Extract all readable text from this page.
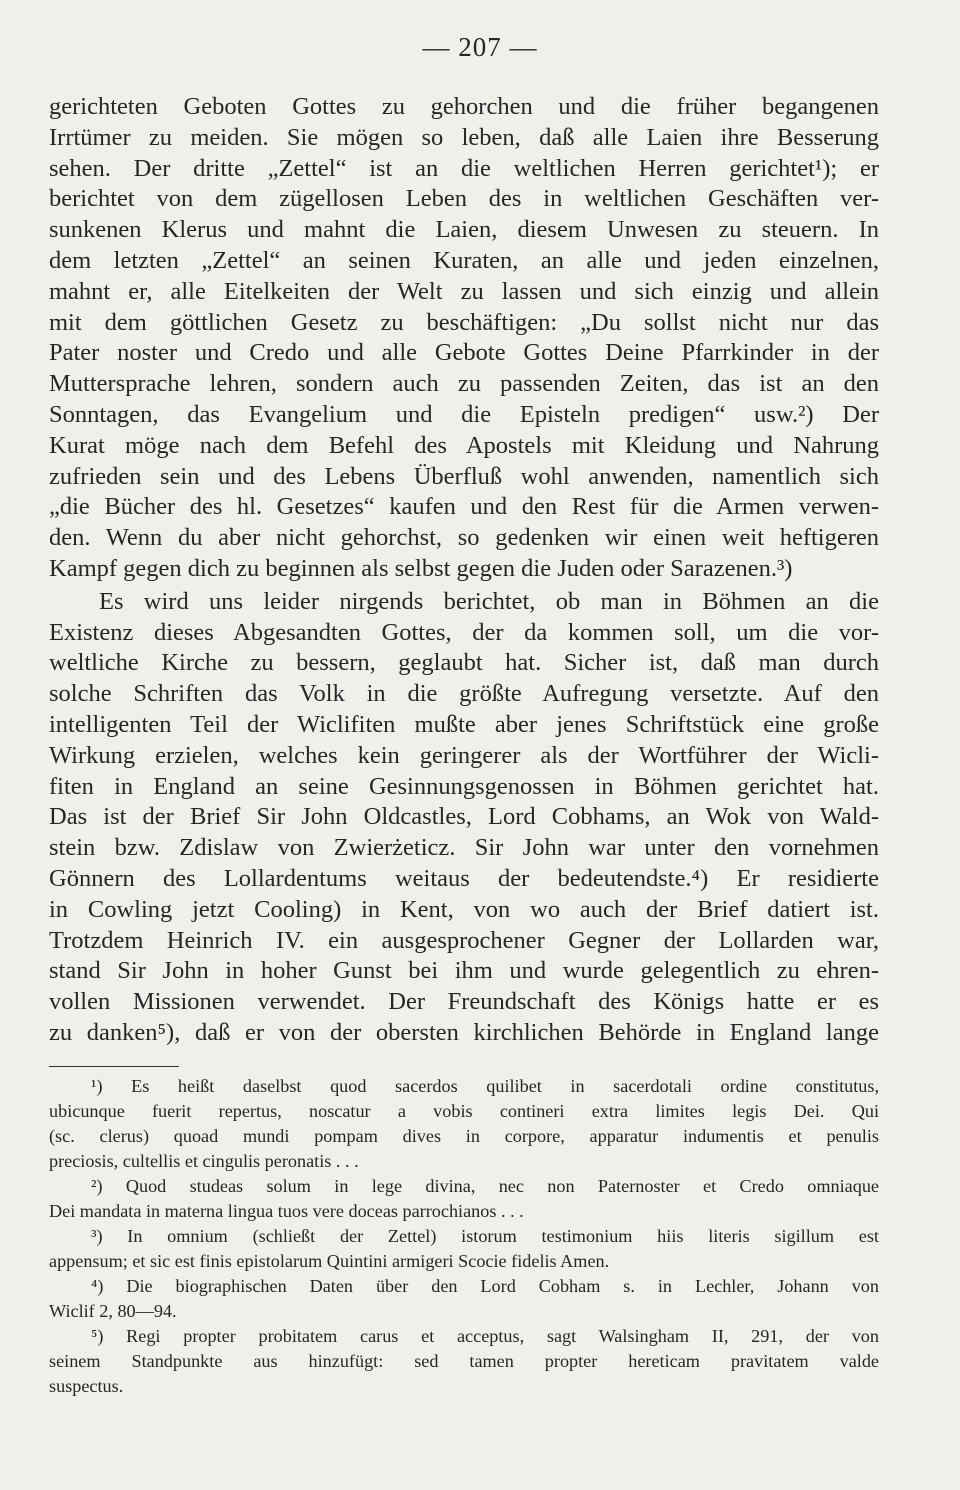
— 207 —
gerichteten Geboten Gottes zu gehorchen und die früher begangenen
Irrtümer zu meiden. Sie mögen so leben, daß alle Laien ihre Besserung
sehen. Der dritte „Zettel“ ist an die weltlichen Herren gerichtet¹); er
berichtet von dem zügellosen Leben des in weltlichen Geschäften ver-
sunkenen Klerus und mahnt die Laien, diesem Unwesen zu steuern. In
dem letzten „Zettel“ an seinen Kuraten, an alle und jeden einzelnen,
mahnt er, alle Eitelkeiten der Welt zu lassen und sich einzig und allein
mit dem göttlichen Gesetz zu beschäftigen: „Du sollst nicht nur das
Pater noster und Credo und alle Gebote Gottes Deine Pfarrkinder in der
Muttersprache lehren, sondern auch zu passenden Zeiten, das ist an den
Sonntagen, das Evangelium und die Episteln predigen“ usw.²) Der
Kurat möge nach dem Befehl des Apostels mit Kleidung und Nahrung
zufrieden sein und des Lebens Überfluß wohl anwenden, namentlich sich
„die Bücher des hl. Gesetzes“ kaufen und den Rest für die Armen verwen-
den. Wenn du aber nicht gehorchst, so gedenken wir einen weit heftigeren
Kampf gegen dich zu beginnen als selbst gegen die Juden oder Sarazenen.³)
Es wird uns leider nirgends berichtet, ob man in Böhmen an die
Existenz dieses Abgesandten Gottes, der da kommen soll, um die vor-
weltliche Kirche zu bessern, geglaubt hat. Sicher ist, daß man durch
solche Schriften das Volk in die größte Aufregung versetzte. Auf den
intelligenten Teil der Wiclifiten mußte aber jenes Schriftstück eine große
Wirkung erzielen, welches kein geringerer als der Wortführer der Wicli-
fiten in England an seine Gesinnungsgenossen in Böhmen gerichtet hat.
Das ist der Brief Sir John Oldcastles, Lord Cobhams, an Wok von Wald-
stein bzw. Zdislaw von Zwierżeticz. Sir John war unter den vornehmen
Gönnern des Lollardentums weitaus der bedeutendste.⁴) Er residierte
in Cowling jetzt Cooling) in Kent, von wo auch der Brief datiert ist.
Trotzdem Heinrich IV. ein ausgesprochener Gegner der Lollarden war,
stand Sir John in hoher Gunst bei ihm und wurde gelegentlich zu ehren-
vollen Missionen verwendet. Der Freundschaft des Königs hatte er es
zu danken⁵), daß er von der obersten kirchlichen Behörde in England lange
¹) Es heißt daselbst quod sacerdos quilibet in sacerdotali ordine constitutus,
ubicunque fuerit repertus, noscatur a vobis contineri extra limites legis Dei. Qui
(sc. clerus) quoad mundi pompam dives in corpore, apparatur indumentis et penulis
preciosis, cultellis et cingulis peronatis . . .
²) Quod studeas solum in lege divina, nec non Paternoster et Credo omniaque
Dei mandata in materna lingua tuos vere doceas parrochianos . . .
³) In omnium (schließt der Zettel) istorum testimonium hiis literis sigillum est
appensum; et sic est finis epistolarum Quintini armigeri Scocie fidelis Amen.
⁴) Die biographischen Daten über den Lord Cobham s. in Lechler, Johann von
Wiclif 2, 80—94.
⁵) Regi propter probitatem carus et acceptus, sagt Walsingham II, 291, der von
seinem Standpunkte aus hinzufügt: sed tamen propter hereticam pravitatem valde
suspectus.
